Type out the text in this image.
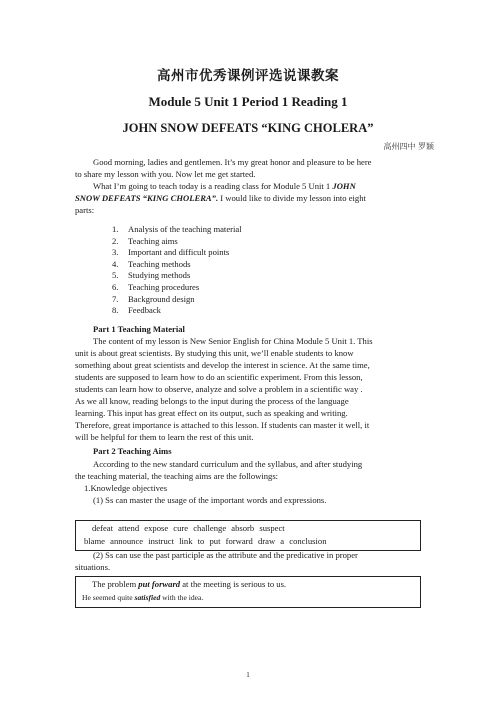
高州市优秀课例评选说课教案
Module 5 Unit 1 Period 1 Reading 1
JOHN SNOW DEFEATS “KING CHOLERA”
高州四中 罗颖
Good morning, ladies and gentlemen. It’s my great honor and pleasure to be here
to share my lesson with you. Now let me get started.
What I’m going to teach today is a reading class for Module 5 Unit 1 JOHN
SNOW DEFEATS “KING CHOLERA”. I would like to divide my lesson into eight
parts:
1. Analysis of the teaching material
2. Teaching aims
3. Important and difficult points
4. Teaching methods
5. Studying methods
6. Teaching procedures
7. Background design
8. Feedback
Part 1 Teaching Material
The content of my lesson is New Senior English for China Module 5 Unit 1. This
unit is about great scientists. By studying this unit, we’ll enable students to know
something about great scientists and develop the interest in science. At the same time,
students are supposed to learn how to do an scientific experiment. From this lesson,
students can learn how to observe, analyze and solve a problem in a scientific way .
As we all know, reading belongs to the input during the process of the language
learning. This input has great effect on its output, such as speaking and writing.
Therefore, great importance is attached to this lesson. If students can master it well, it
will be helpful for them to learn the rest of this unit.
Part 2 Teaching Aims
According to the new standard curriculum and the syllabus, and after studying
the teaching material, the teaching aims are the followings:
1.Knowledge objectives
(1) Ss can master the usage of the important words and expressions.
defeat attend expose cure challenge absorb suspect
blame announce instruct link to put forward draw a conclusion
(2) Ss can use the past participle as the attribute and the predicative in proper
situations.
The problem put forward at the meeting is serious to us.
He seemed quite satisfied with the idea.
1
